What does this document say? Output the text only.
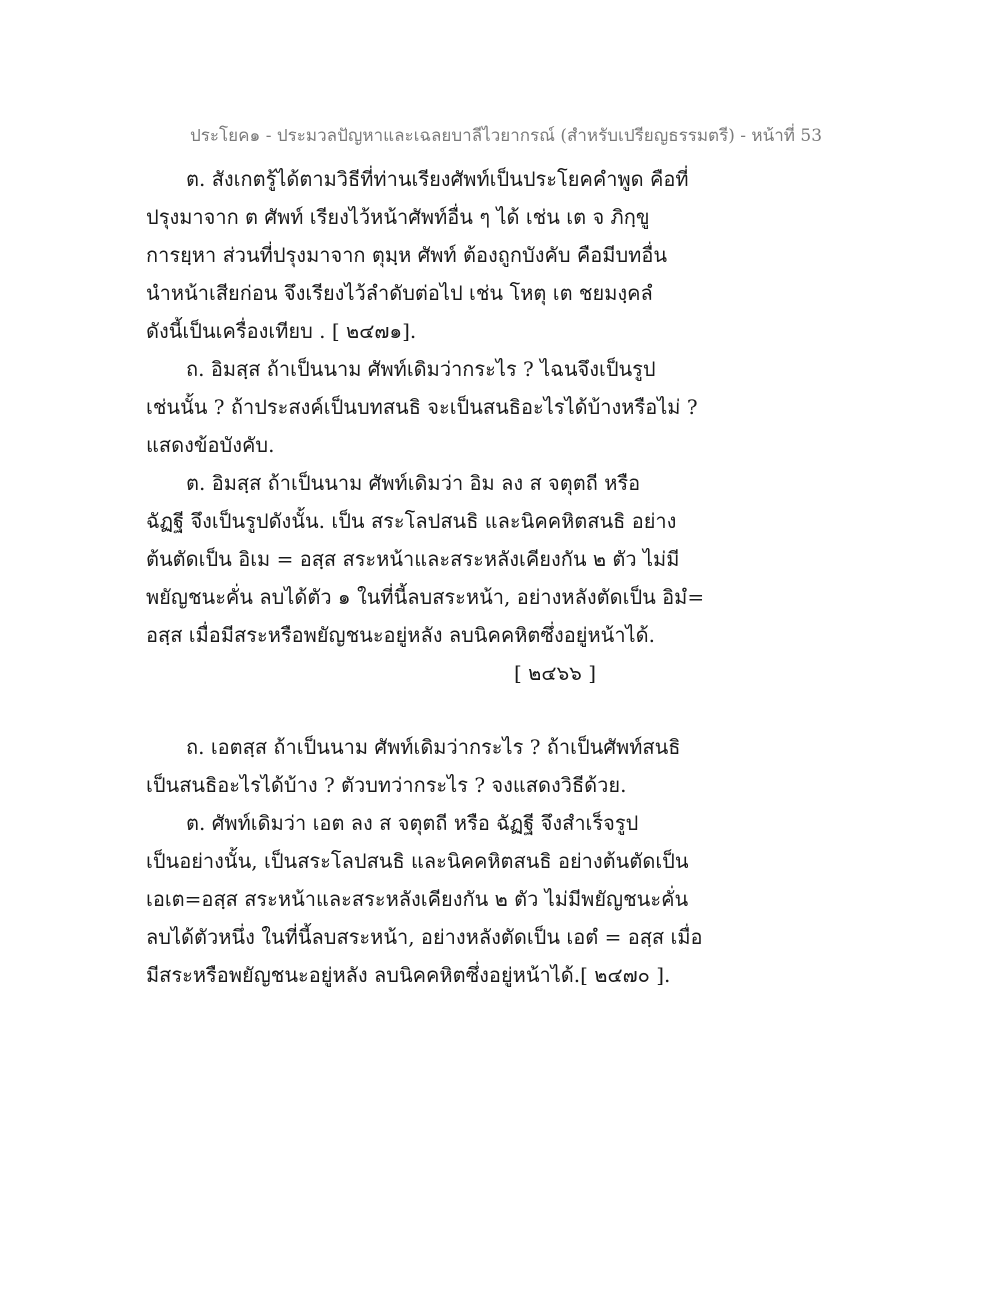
ประโยค๑ - ประมวลปัญหาและเฉลยบาลีไวยากรณ์ (สำหรับเปรียญธรรมตรี) - หน้าที่ 53
ต. สังเกตรู้ได้ตามวิธีที่ท่านเรียงศัพท์เป็นประโยคคำพูด คือที่
ปรุงมาจาก ต ศัพท์ เรียงไว้หน้าศัพท์อื่น ๆ ได้ เช่น เต จ ภิกฺขู
การยฺหา ส่วนที่ปรุงมาจาก ตุมฺห ศัพท์ ต้องถูกบังคับ คือมีบทอื่น
นำหน้าเสียก่อน จึงเรียงไว้ลำดับต่อไป เช่น โหตุ เต ชยมงฺคลํ
ดังนี้เป็นเครื่องเทียบ . [ ๒๔๗๑].
ถ. อิมสฺส ถ้าเป็นนาม ศัพท์เดิมว่ากระไร ? ไฉนจึงเป็นรูป
เช่นนั้น ? ถ้าประสงค์เป็นบทสนธิ จะเป็นสนธิอะไรได้บ้างหรือไม่ ?
แสดงข้อบังคับ.
ต. อิมสฺส ถ้าเป็นนาม ศัพท์เดิมว่า อิม ลง ส จตุตถี หรือ
ฉัฏฐี จึงเป็นรูปดังนั้น. เป็น สระโลปสนธิ และนิคคหิตสนธิ อย่าง
ต้นตัดเป็น อิเม = อสฺส สระหน้าและสระหลังเคียงกัน ๒ ตัว ไม่มี
พยัญชนะคั่น ลบได้ตัว ๑ ในที่นี้ลบสระหน้า, อย่างหลังตัดเป็น อิมํ=
อสฺส เมื่อมีสระหรือพยัญชนะอยู่หลัง ลบนิคคหิตซึ่งอยู่หน้าได้.
[ ๒๔๖๖ ]
ถ. เอตสฺส ถ้าเป็นนาม ศัพท์เดิมว่ากระไร ? ถ้าเป็นศัพท์สนธิ
เป็นสนธิอะไรได้บ้าง ? ตัวบทว่ากระไร ? จงแสดงวิธีด้วย.
ต. ศัพท์เดิมว่า เอต ลง ส จตุตถี หรือ ฉัฏฐี จึงสำเร็จรูป
เป็นอย่างนั้น, เป็นสระโลปสนธิ และนิคคหิตสนธิ อย่างต้นตัดเป็น
เอเต=อสฺส สระหน้าและสระหลังเคียงกัน ๒ ตัว ไม่มีพยัญชนะคั่น
ลบได้ตัวหนึ่ง ในที่นี้ลบสระหน้า, อย่างหลังตัดเป็น เอตํ = อสฺส เมื่อ
มีสระหรือพยัญชนะอยู่หลัง ลบนิคคหิตซึ่งอยู่หน้าได้.[ ๒๔๗๐ ].
